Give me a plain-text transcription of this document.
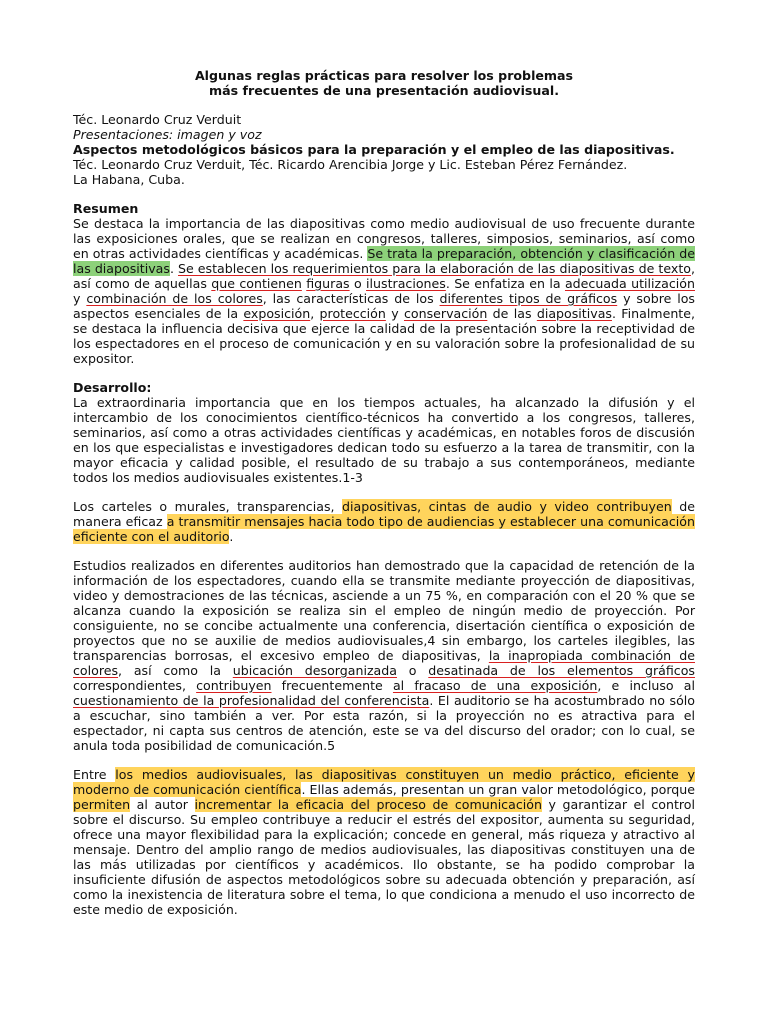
Algunas reglas prácticas para resolver los problemas
más frecuentes de una presentación audiovisual.

Téc. Leonardo Cruz Verduit

Presentaciones: imagen y voz

Aspectos metodológicos básicos para la preparación y el empleo de las diapositivas.

Téc. Leonardo Cruz Verduit, Téc. Ricardo Arencibia Jorge y Lic. Esteban Pérez Fernández.

La Habana, Cuba.

Resumen

Se destaca la importancia de las diapositivas como medio audiovisual de uso frecuente durante las exposiciones orales, que se realizan en congresos, talleres, simposios, seminarios, así como en otras actividades científicas y académicas. Se trata la preparación, obtención y clasificación de las diapositivas. Se establecen los requerimientos para la elaboración de las diapositivas de texto, así como de aquellas que contienen figuras o ilustraciones. Se enfatiza en la adecuada utilización y combinación de los colores, las características de los diferentes tipos de gráficos y sobre los aspectos esenciales de la exposición, protección y conservación de las diapositivas. Finalmente, se destaca la influencia decisiva que ejerce la calidad de la presentación sobre la receptividad de los espectadores en el proceso de comunicación y en su valoración sobre la profesionalidad de su expositor.

Desarrollo:

La extraordinaria importancia que en los tiempos actuales, ha alcanzado la difusión y el intercambio de los conocimientos científico-técnicos ha convertido a los congresos, talleres, seminarios, así como a otras actividades científicas y académicas, en notables foros de discusión en los que especialistas e investigadores dedican todo su esfuerzo a la tarea de transmitir, con la mayor eficacia y calidad posible, el resultado de su trabajo a sus contemporáneos, mediante todos los medios audiovisuales existentes.1-3

Los carteles o murales, transparencias, diapositivas, cintas de audio y video contribuyen de manera eficaz a transmitir mensajes hacia todo tipo de audiencias y establecer una comunicación eficiente con el auditorio.

Estudios realizados en diferentes auditorios han demostrado que la capacidad de retención de la información de los espectadores, cuando ella se transmite mediante proyección de diapositivas, video y demostraciones de las técnicas, asciende a un 75 %, en comparación con el 20 % que se alcanza cuando la exposición se realiza sin el empleo de ningún medio de proyección. Por consiguiente, no se concibe actualmente una conferencia, disertación científica o exposición de proyectos que no se auxilie de medios audiovisuales,4 sin embargo, los carteles ilegibles, las transparencias borrosas, el excesivo empleo de diapositivas, la inapropiada combinación de colores, así como la ubicación desorganizada o desatinada de los elementos gráficos correspondientes, contribuyen frecuentemente al fracaso de una exposición, e incluso al cuestionamiento de la profesionalidad del conferencista. El auditorio se ha acostumbrado no sólo a escuchar, sino también a ver. Por esta razón, si la proyección no es atractiva para el espectador, ni capta sus centros de atención, este se va del discurso del orador; con lo cual, se anula toda posibilidad de comunicación.5

Entre los medios audiovisuales, las diapositivas constituyen un medio práctico, eficiente y moderno de comunicación científica. Ellas además, presentan un gran valor metodológico, porque permiten al autor incrementar la eficacia del proceso de comunicación y garantizar el control sobre el discurso. Su empleo contribuye a reducir el estrés del expositor, aumenta su seguridad, ofrece una mayor flexibilidad para la explicación; concede en general, más riqueza y atractivo al mensaje. Dentro del amplio rango de medios audiovisuales, las diapositivas constituyen una de las más utilizadas por científicos y académicos. Ilo obstante, se ha podido comprobar la insuficiente difusión de aspectos metodológicos sobre su adecuada obtención y preparación, así como la inexistencia de literatura sobre el tema, lo que condiciona a menudo el uso incorrecto de este medio de exposición.
